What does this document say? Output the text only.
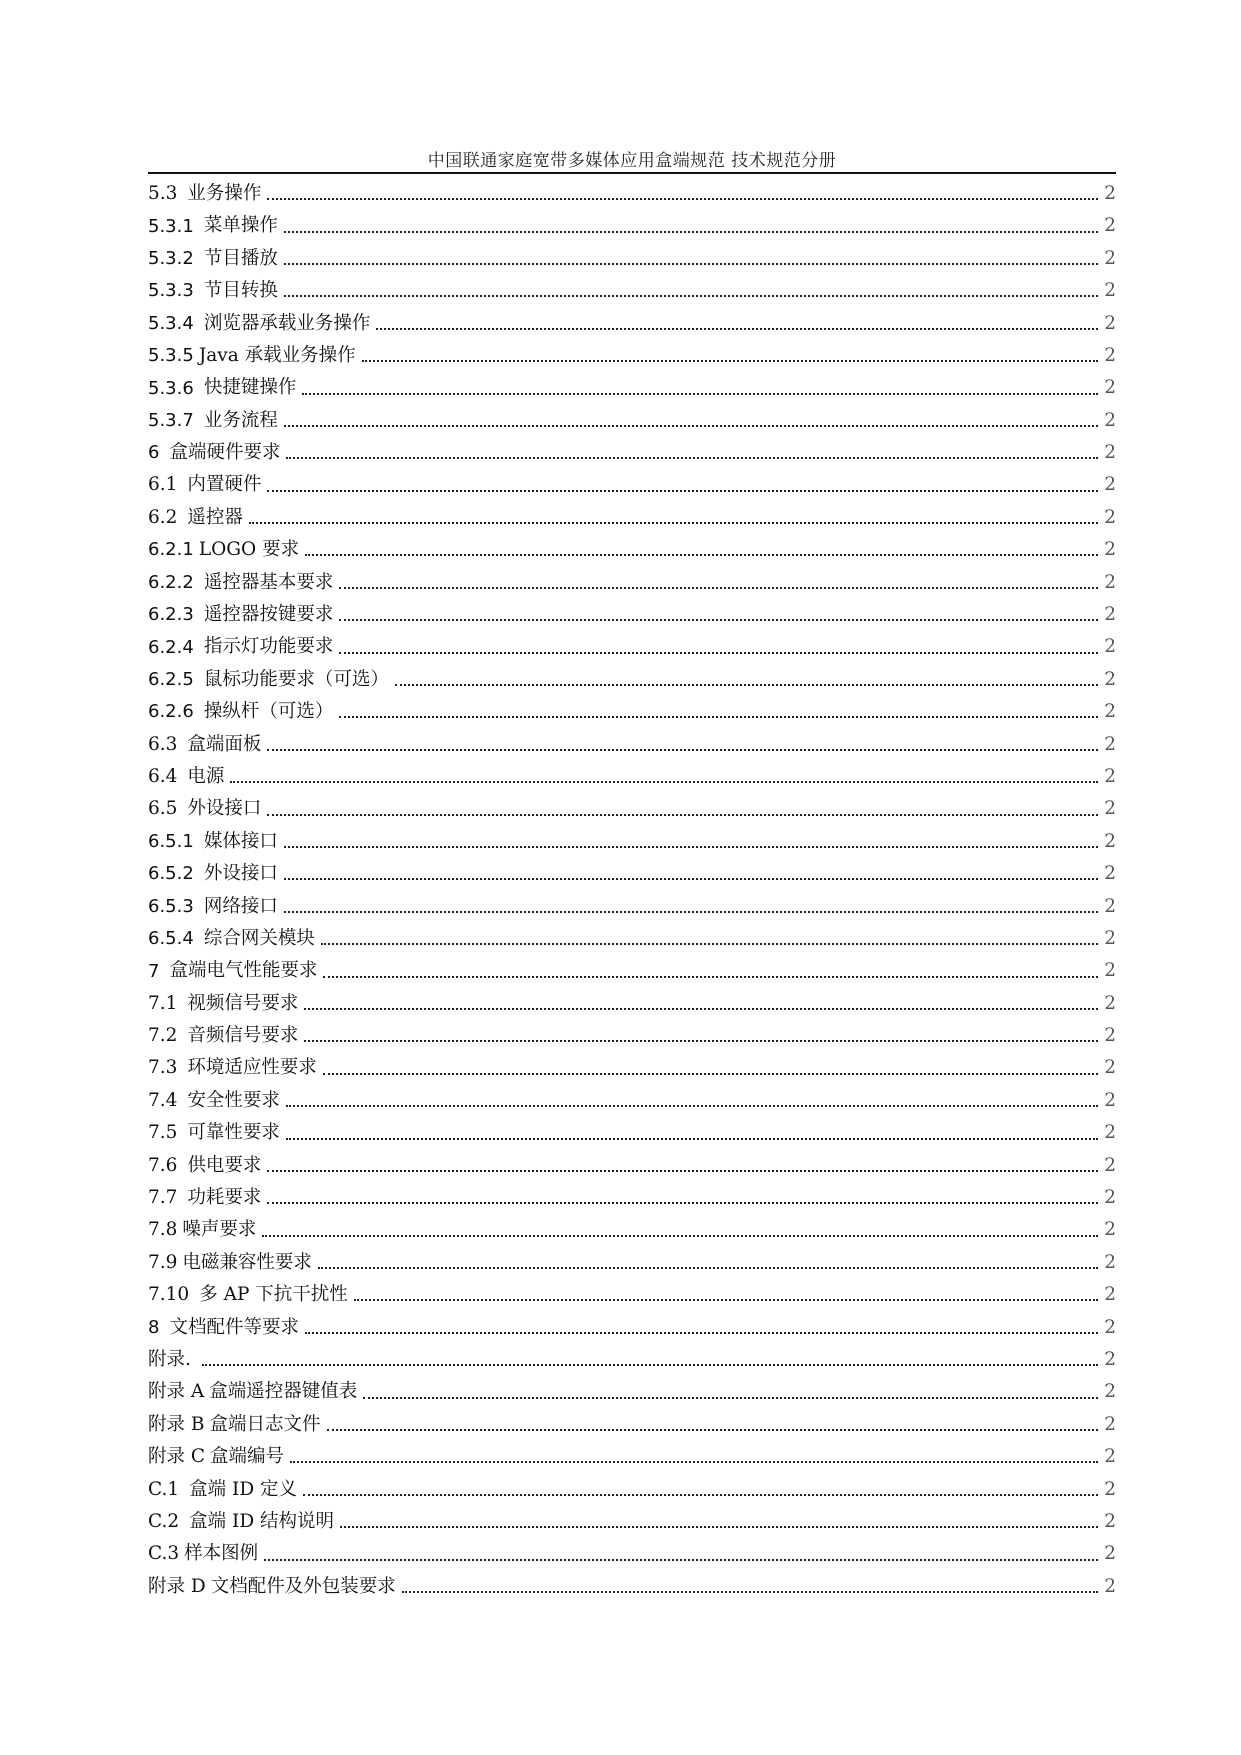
中国联通家庭宽带多媒体应用盒端规范 技术规范分册
5.3 业务操作	2
5.3.1 菜单操作	2
5.3.2 节目播放	2
5.3.3 节目转换	2
5.3.4 浏览器承载业务操作	2
5.3.5 Java 承载业务操作	2
5.3.6 快捷键操作	2
5.3.7 业务流程	2
6 盒端硬件要求	2
6.1 内置硬件	2
6.2 遥控器	2
6.2.1 LOGO 要求	2
6.2.2 遥控器基本要求	2
6.2.3 遥控器按键要求	2
6.2.4 指示灯功能要求	2
6.2.5 鼠标功能要求（可选）	2
6.2.6 操纵杆（可选）	2
6.3 盒端面板	2
6.4 电源	2
6.5 外设接口	2
6.5.1 媒体接口	2
6.5.2 外设接口	2
6.5.3 网络接口	2
6.5.4 综合网关模块	2
7 盒端电气性能要求	2
7.1 视频信号要求	2
7.2 音频信号要求	2
7.3 环境适应性要求	2
7.4 安全性要求	2
7.5 可靠性要求	2
7.6 供电要求	2
7.7 功耗要求	2
7.8 噪声要求	2
7.9 电磁兼容性要求	2
7.10 多 AP 下抗干扰性	2
8 文档配件等要求	2
附录.	2
附录 A 盒端遥控器键值表	2
附录 B 盒端日志文件	2
附录 C 盒端编号	2
C.1 盒端 ID 定义	2
C.2 盒端 ID 结构说明	2
C.3 样本图例	2
附录 D 文档配件及外包装要求	2
